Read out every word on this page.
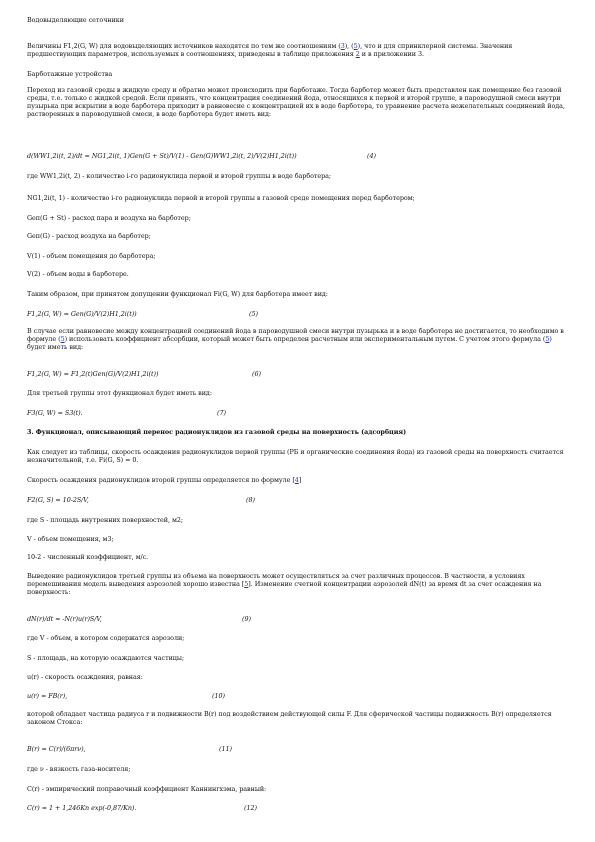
Водовыделяющие сеточники
Величины F1,2(G, W) для водовыделяющих источников находятся по тем же соотношениям (3), (5), что и для спринклерной системы. Значения предшествующих параметров, используемых в соотношениях, приведены в таблице приложения 2 и в приложении 3.
Барботажные устройства
Переход из газовой среды в жидкую среду и обратно может происходить при барботаже. Тогда барботер может быть представлен как помещение без газовой среды, т.е. только с жидкой средой. Если принять, что концентрация соединений йода, относящихся к первой и второй группе, в пароводушной смеси внутри пузырька при вскрытии в воде барботера приходит в равновесие с концентрацией их в воде барботера, то уравнение расчета нежелательных соединений йода, растворенных в пароводушной смеси, в воде барботера будет иметь вид:
d(WW1,2i(t, 2)/dt = NG1,2i(t, 1)Geп(G + St)/V(1) - Geп(G)WW1,2i(t, 2)/V(2)H1,2i(t))	(4)
где WW1,2i(t, 2) - количество i-го радионуклида первой и второй группы в воде барботера;
NG1,2i(t, 1) - количество i-го радионуклида первой и второй группы в газовой среде помещения перед барботером;
Geп(G + St) - расход пара и воздуха на барботер;
Geп(G) - расход воздуха на барботер;
V(1) - объем помещения до барботера;
V(2) - объем воды в барботере.
Таким образом, при принятом допущении функционал Fi(G, W) для барботера имеет вид:
F1,2(G, W) = Geп(G)/V(2)H1,2i(t))	(5)
В случае если равновесие между концентрацией соединений йода в пароводушной смеси внутри пузырька и в воде барботера не достигается, то необходимо в формуле (5) использовать коэффициент абсорбции, который может быть определен расчетным или экспериментальным путем. С учетом этого формула (5) будет иметь вид:
F1,2(G, W) = F1,2(t)Geп(G)/V(2)H1,2i(t))	(6)
Для третьей группы этот функционал будет иметь вид:
F3(G, W) = S3(t).	(7)
3. Функционал, описывающий перенос радионуклидов из газовой среды на поверхность (адсорбция)
Как следует из таблицы, скорость осаждения радионуклидов первой группы (РБ и органические соединения йода) из газовой среды на поверхность считается незначительной, т.е. Fi(G, S) = 0.
Скорость осаждения радионуклидов второй группы определяется по формуле [4]
F2(G, S) = 10-2S/V,	(8)
где S - площадь внутренних поверхностей, м2;
V - объем помещения, м3;
10-2 - численный коэффициент, м/с.
Выведение радионуклидов третьей группы из объема на поверхность может осуществляться за счет различных процессов. В частности, в условиях перемешивания модель выведения аэрозолей хорошо известна [5]. Изменение счетной концентрации аэрозолей dN(t) за время dt за счет осаждения на поверхность:
dN(r)/dt = -N(r)u(r)S/V,	(9)
где V - объем, в котором содержатся аэрозоли;
S - площадь, на которую осаждаются частицы;
u(r) - скорость осаждения, равная:
u(r) = FB(r),	(10)
которой обладает частица радиуса r и подвижности B(r) под воздействием действующей силы F. Для сферической частицы подвижность B(r) определяется законом Стокса:
B(r) = C(r)/(6πrν),	(11)
где ν - вязкость газа-носителя;
C(r) - эмпирический поправочный коэффициент Каннингхэма, равный:
C(r) = 1 + 1,246Kn exp(-0,87/Kn).	(12)
